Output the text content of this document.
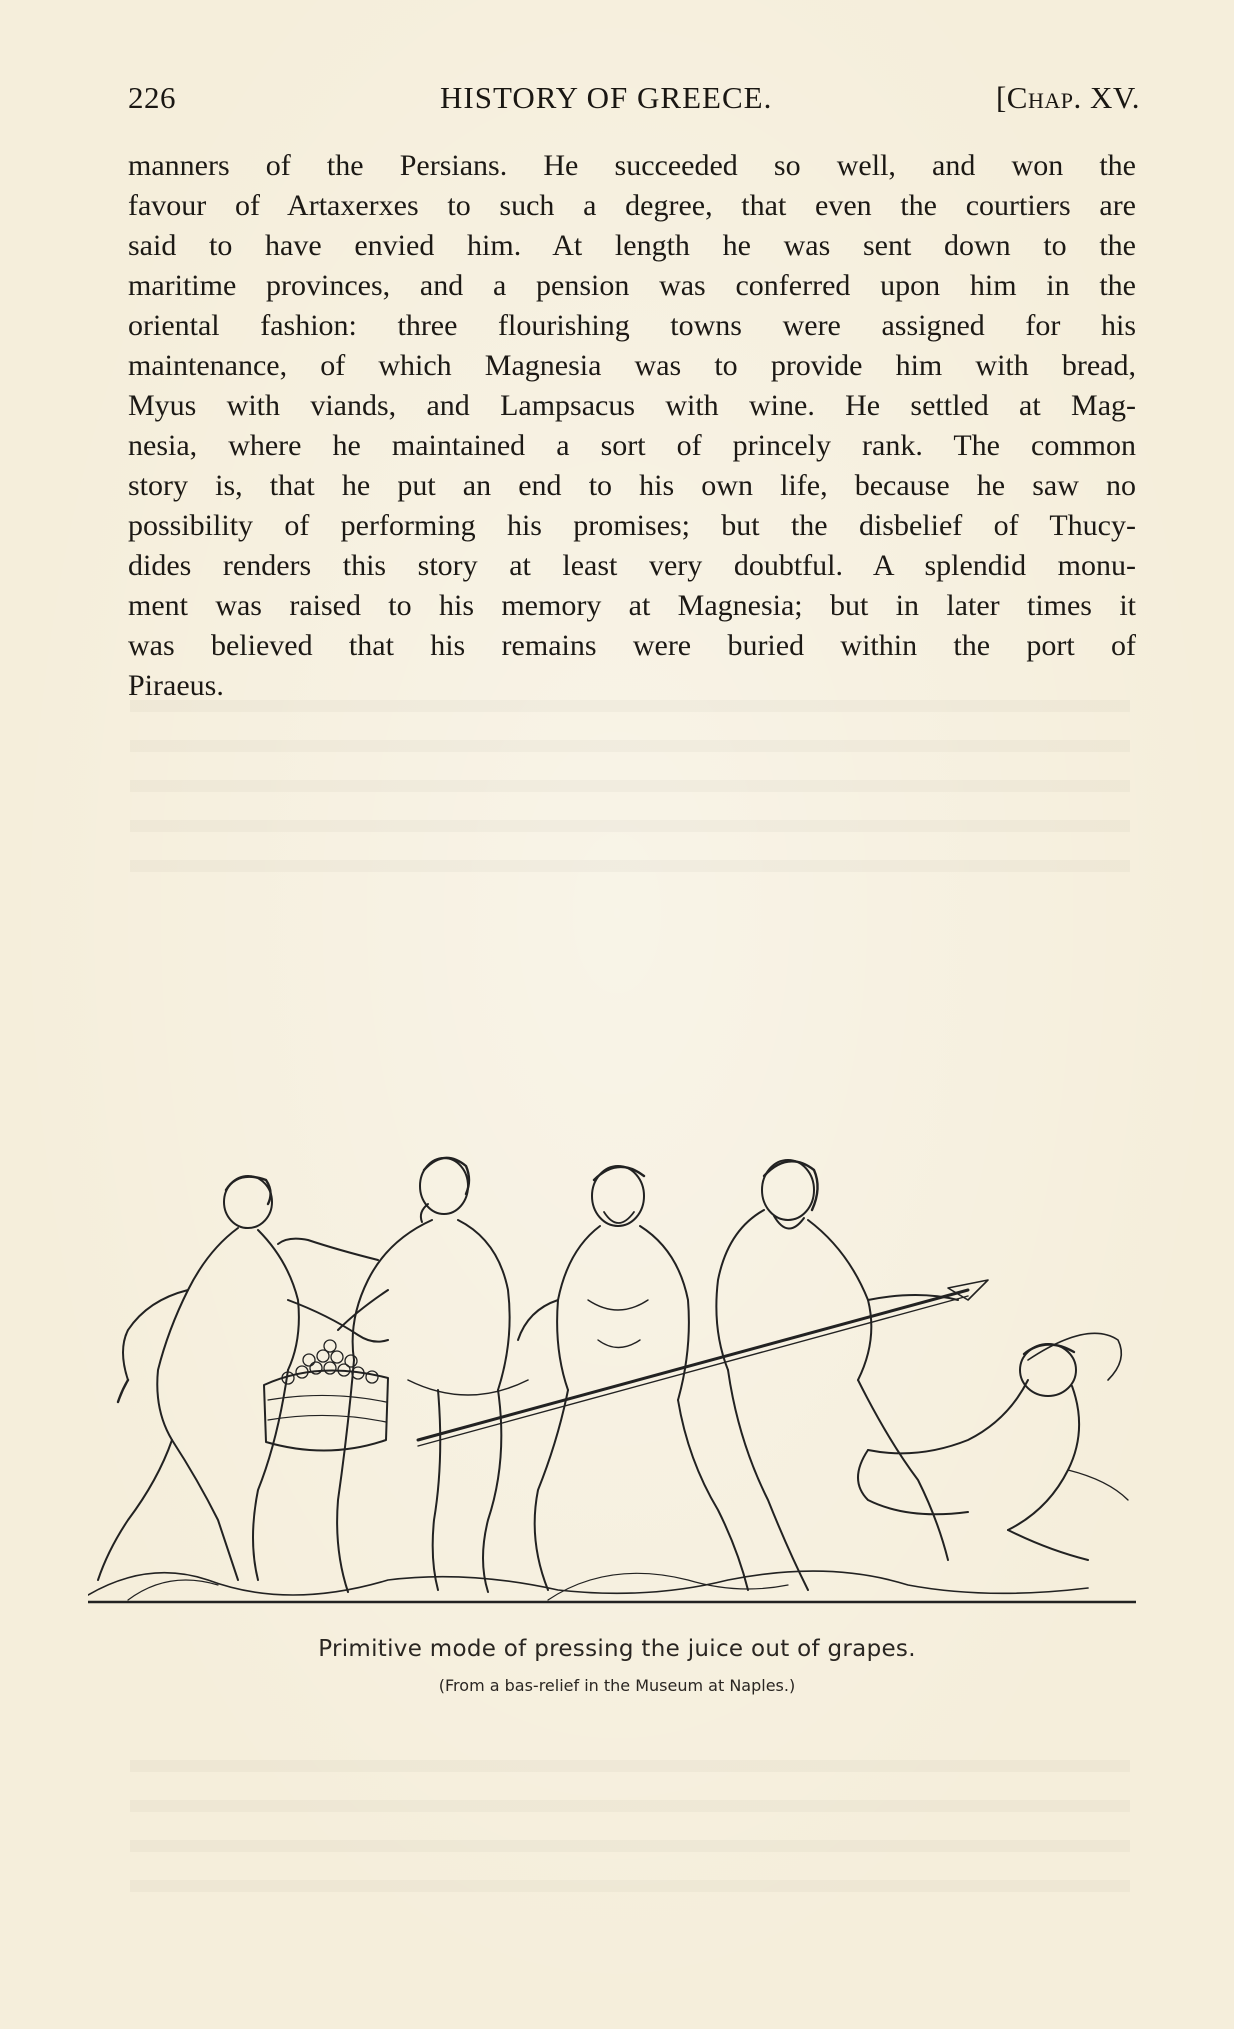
226	HISTORY OF GREECE.	[Chap. XV.
manners of the Persians. He succeeded so well, and won the
favour of Artaxerxes to such a degree, that even the courtiers are
said to have envied him. At length he was sent down to the
maritime provinces, and a pension was conferred upon him in the
oriental fashion: three flourishing towns were assigned for his
maintenance, of which Magnesia was to provide him with bread,
Myus with viands, and Lampsacus with wine. He settled at Mag-
nesia, where he maintained a sort of princely rank. The common
story is, that he put an end to his own life, because he saw no
possibility of performing his promises; but the disbelief of Thucy-
dides renders this story at least very doubtful. A splendid monu-
ment was raised to his memory at Magnesia; but in later times it
was believed that his remains were buried within the port of
Piraeus.
Primitive mode of pressing the juice out of grapes.
(From a bas-relief in the Museum at Naples.)
